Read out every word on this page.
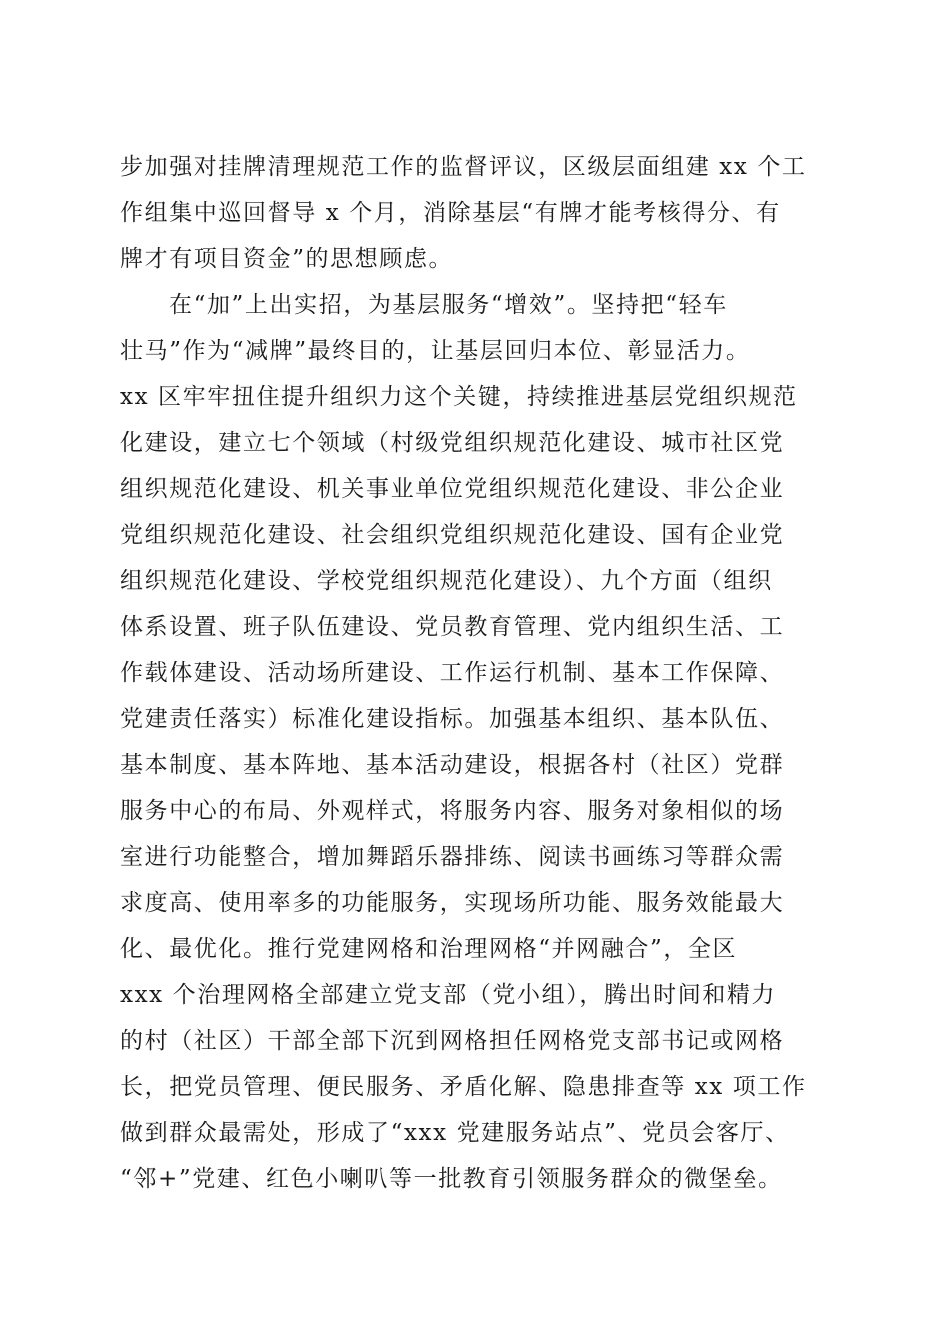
步加强对挂牌清理规范工作的监督评议，区级层面组建 xx 个工
作组集中巡回督导 x 个月，消除基层“有牌才能考核得分、有
牌才有项目资金”的思想顾虑。
在“加”上出实招，为基层服务“增效”。坚持把“轻车
壮马”作为“减牌”最终目的，让基层回归本位、彰显活力。
xx 区牢牢扭住提升组织力这个关键，持续推进基层党组织规范
化建设，建立七个领域（村级党组织规范化建设、城市社区党
组织规范化建设、机关事业单位党组织规范化建设、非公企业
党组织规范化建设、社会组织党组织规范化建设、国有企业党
组织规范化建设、学校党组织规范化建设）、九个方面（组织
体系设置、班子队伍建设、党员教育管理、党内组织生活、工
作载体建设、活动场所建设、工作运行机制、基本工作保障、
党建责任落实）标准化建设指标。加强基本组织、基本队伍、
基本制度、基本阵地、基本活动建设，根据各村（社区）党群
服务中心的布局、外观样式，将服务内容、服务对象相似的场
室进行功能整合，增加舞蹈乐器排练、阅读书画练习等群众需
求度高、使用率多的功能服务，实现场所功能、服务效能最大
化、最优化。推行党建网格和治理网格“并网融合”，全区
xxx 个治理网格全部建立党支部（党小组），腾出时间和精力
的村（社区）干部全部下沉到网格担任网格党支部书记或网格
长，把党员管理、便民服务、矛盾化解、隐患排查等 xx 项工作
做到群众最需处，形成了“xxx 党建服务站点”、党员会客厅、
“邻+”党建、红色小喇叭等一批教育引领服务群众的微堡垒。
